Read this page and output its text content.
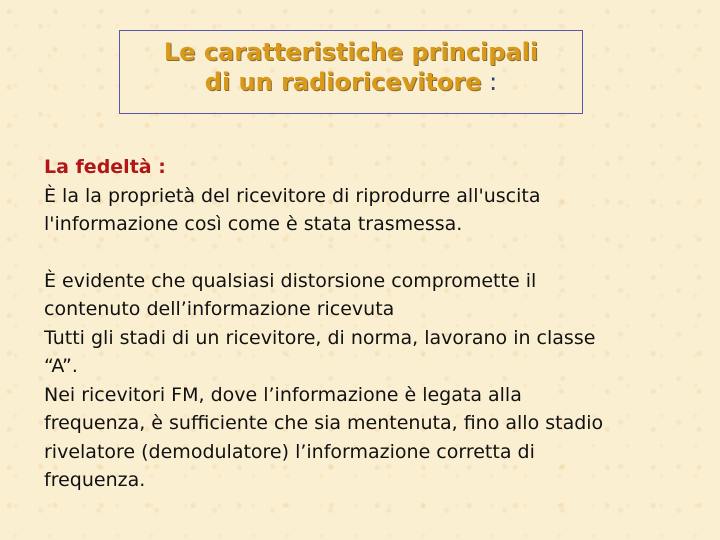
Le caratteristiche principali
di un radioricevitore :

La fedeltà :

È la la proprietà del ricevitore di riprodurre all'uscita

l'informazione così come è stata trasmessa.

È evidente che qualsiasi distorsione compromette il

contenuto dell’informazione ricevuta

Tutti gli stadi di un ricevitore, di norma, lavorano in classe

“A”.

Nei ricevitori FM, dove l’informazione è legata alla

frequenza, è sufficiente che sia mentenuta, fino allo stadio

rivelatore (demodulatore) l’informazione corretta di

frequenza.
